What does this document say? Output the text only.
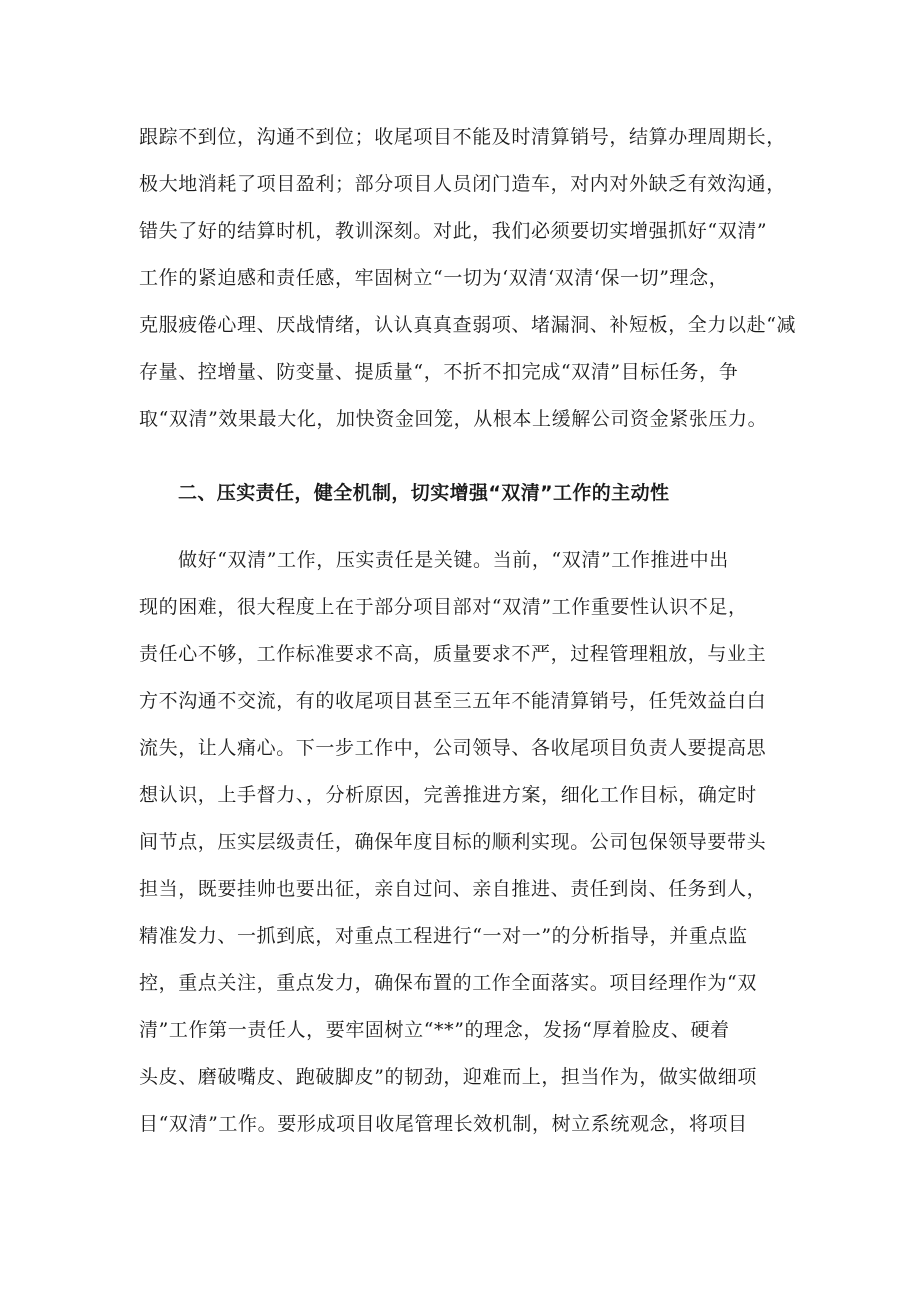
跟踪不到位，沟通不到位；收尾项目不能及时清算销号，结算办理周期长，
极大地消耗了项目盈利；部分项目人员闭门造车，对内对外缺乏有效沟通，
错失了好的结算时机，教训深刻。对此，我们必须要切实增强抓好“双清”
工作的紧迫感和责任感，牢固树立“一切为‘双清‘双清‘保一切”理念，
克服疲倦心理、厌战情绪，认认真真查弱项、堵漏洞、补短板，全力以赴“减
存量、控增量、防变量、提质量“，不折不扣完成“双清”目标任务，争
取“双清”效果最大化，加快资金回笼，从根本上缓解公司资金紧张压力。
二、压实责任，健全机制，切实增强“双清”工作的主动性
做好“双清”工作，压实责任是关键。当前，“双清”工作推进中出
现的困难，很大程度上在于部分项目部对“双清”工作重要性认识不足，
责任心不够，工作标准要求不高，质量要求不严，过程管理粗放，与业主
方不沟通不交流，有的收尾项目甚至三五年不能清算销号，任凭效益白白
流失，让人痛心。下一步工作中，公司领导、各收尾项目负责人要提高思
想认识，上手督力、，分析原因，完善推进方案，细化工作目标，确定时
间节点，压实层级责任，确保年度目标的顺利实现。公司包保领导要带头
担当，既要挂帅也要出征，亲自过问、亲自推进、责任到岗、任务到人，
精准发力、一抓到底，对重点工程进行“一对一”的分析指导，并重点监
控，重点关注，重点发力，确保布置的工作全面落实。项目经理作为“双
清”工作第一责任人，要牢固树立“**”的理念，发扬“厚着脸皮、硬着
头皮、磨破嘴皮、跑破脚皮”的韧劲，迎难而上，担当作为，做实做细项
目“双清”工作。要形成项目收尾管理长效机制，树立系统观念，将项目
